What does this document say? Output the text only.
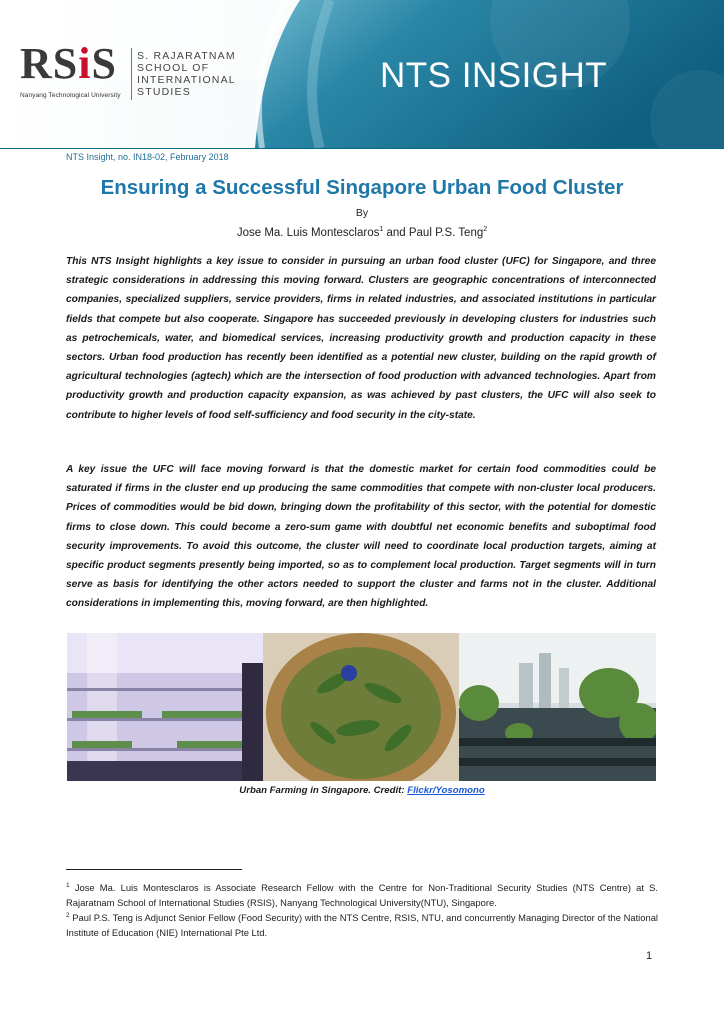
RSiS
Nanyang Technological University
S. RAJARATNAM
SCHOOL OF
INTERNATIONAL
STUDIES	NTS INSIGHT
NTS Insight, no. IN18-02, February 2018
Ensuring a Successful Singapore Urban Food Cluster
By
Jose Ma. Luis Montesclaros$^1$ and Paul P.S. Teng$^2$

This NTS Insight highlights a key issue to consider in pursuing an urban food cluster (UFC) for Singapore, and three strategic considerations in addressing this moving forward. Clusters are geographic concentrations of interconnected companies, specialized suppliers, service providers, firms in related industries, and associated institutions in particular fields that compete but also cooperate. Singapore has succeeded previously in developing clusters for industries such as petrochemicals, water, and biomedical services, increasing productivity growth and production capacity in these sectors. Urban food production has recently been identified as a potential new cluster, building on the rapid growth of agricultural technologies (agtech) which are the intersection of food production with advanced technologies. Apart from productivity growth and production capacity expansion, as was achieved by past clusters, the UFC will also seek to contribute to higher levels of food self-sufficiency and food security in the city-state.

A key issue the UFC will face moving forward is that the domestic market for certain food commodities could be saturated if firms in the cluster end up producing the same commodities that compete with non-cluster local producers. Prices of commodities would be bid down, bringing down the profitability of this sector, with the potential for domestic firms to close down. This could become a zero-sum game with doubtful net economic benefits and suboptimal food security improvements. To avoid this outcome, the cluster will need to coordinate local production targets, aiming at specific product segments presently being imported, so as to complement local production. Target segments will in turn serve as basis for identifying the other actors needed to support the cluster and farms not in the cluster. Additional considerations in implementing this, moving forward, are then highlighted.

Urban Farming in Singapore. Credit: Flickr/Yosomono

$^1$ Jose Ma. Luis Montesclaros is Associate Research Fellow with the Centre for Non-Traditional Security Studies (NTS Centre) at S. Rajaratnam School of International Studies (RSIS), Nanyang Technological University(NTU), Singapore.

$^2$ Paul P.S. Teng is Adjunct Senior Fellow (Food Security) with the NTS Centre, RSIS, NTU, and concurrently Managing Director of the National Institute of Education (NIE) International Pte Ltd.

1
